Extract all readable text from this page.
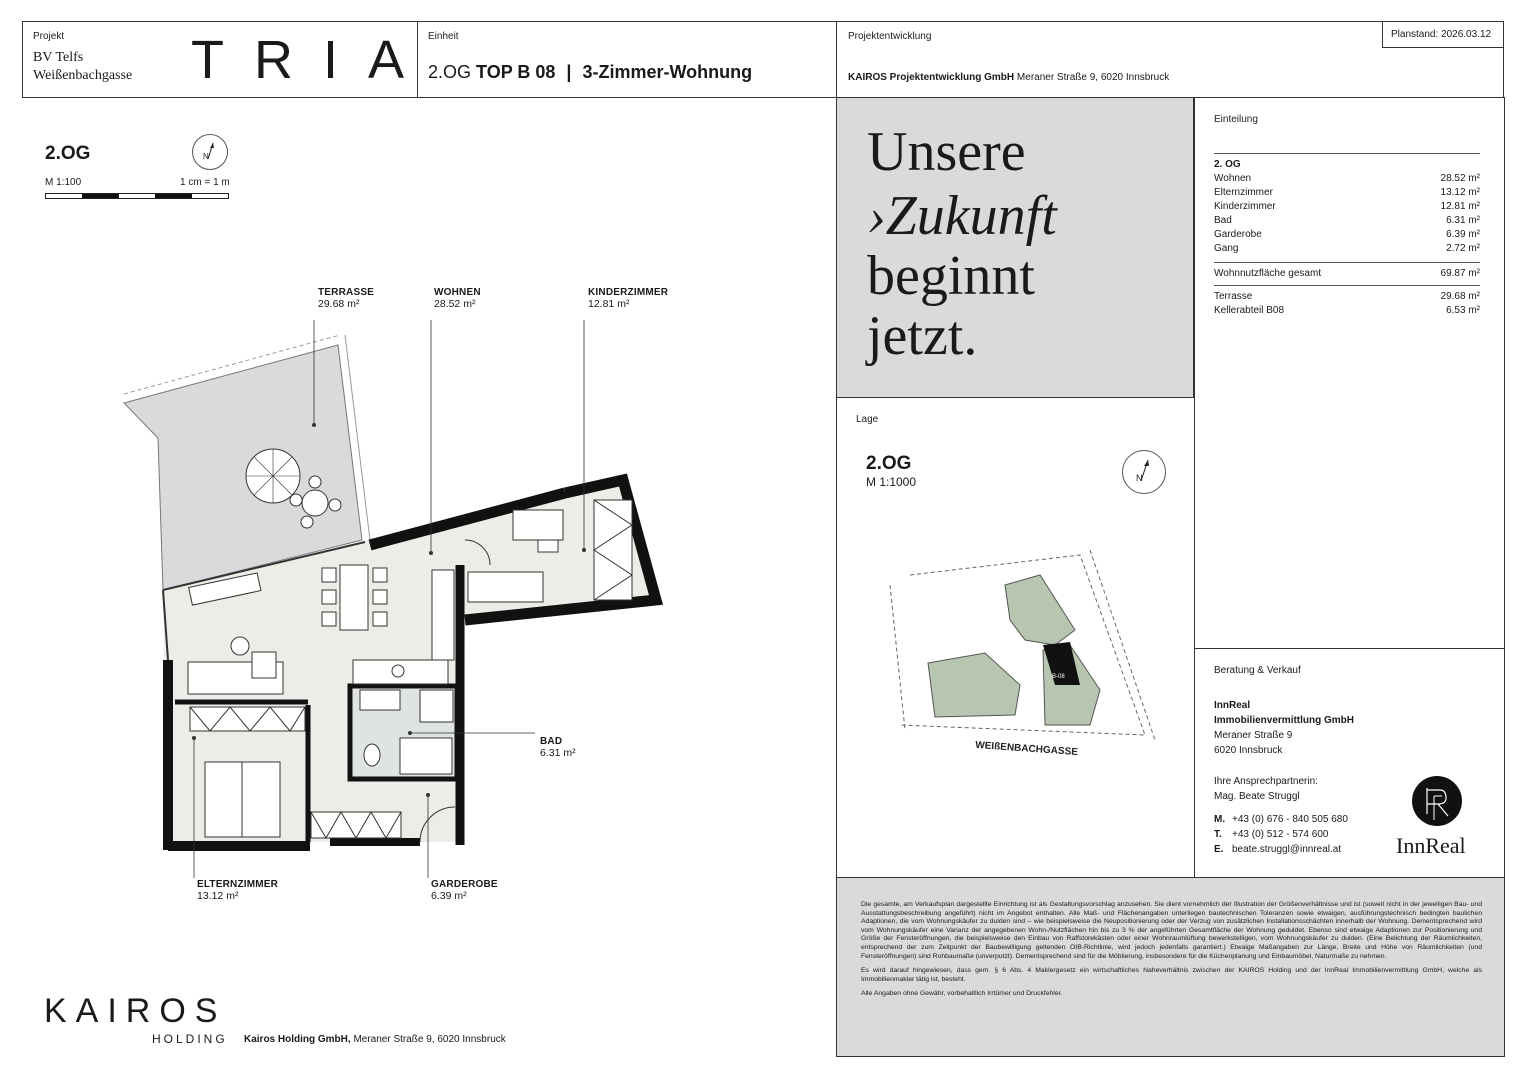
Projekt
BV Telfs
Weißenbachgasse TRIA
Einheit
2.OG TOP B 08 | 3-Zimmer-Wohnung
Projektentwicklung
KAIROS Projektentwicklung GmbH Meraner Straße 9, 6020 Innsbruck
Planstand: 2026.03.12
2.OG	N
M 1:100	1 cm = 1 m
TERRASSE
29.68 m²
WOHNEN
28.52 m²
KINDERZIMMER
12.81 m²
BAD
6.31 m²
ELTERNZIMMER
13.12 m²
GARDEROBE
6.39 m²
KAIROS
HOLDING Kairos Holding GmbH, Meraner Straße 9, 6020 Innsbruck
Unsere
›Zukunft
beginnt
jetzt.
Einteilung
2. OG
Wohnen	28.52 m²
Elternzimmer	13.12 m²
Kinderzimmer	12.81 m²
Bad	6.31 m²
Garderobe	6.39 m²
Gang	2.72 m²
Wohnnutzfläche gesamt	69.87 m²
Terrasse	29.68 m²
Kellerabteil B08	6.53 m²
Lage
2.OG
M 1:1000	N
B-08
WEIßENBACHGASSE
Beratung & Verkauf
InnReal
Immobilienvermittlung GmbH
Meraner Straße 9
6020 Innsbruck
Ihre Ansprechpartnerin:
Mag. Beate Struggl
M. +43 (0) 676 - 840 505 680
T. +43 (0) 512 - 574 600
E. beate.struggl@innreal.at	InnReal

Die gesamte, am Verkaufsplan dargestellte Einrichtung ist als Gestaltungsvorschlag anzusehen. Sie dient vornehmlich der Illustration der Größenverhältnisse und ist (soweit nicht in der jeweiligen Bau- und Ausstattungsbeschreibung angeführt) nicht im Angebot enthalten. Alle Maß- und Flächenangaben unterliegen bautechnischen Toleranzen sowie etwaigen, ausführungstechnisch bedingten baulichen Adaptionen, die vom Wohnungskäufer zu dulden sind – wie beispielsweise die Neupositionierung oder der Verzug von zusätzlichen Installationsschächten innerhalb der Wohnung. Dementsprechend wird vom Wohnungskäufer eine Varianz der angegebenen Wohn-/Nutzflächen hin bis zu 3 % der angeführten Gesamtfläche der Wohnung geduldet. Ebenso sind etwaige Adaptionen zur Positionierung und Größe der Fensteröffnungen, die beispielsweise den Einbau von Raffstorekästen oder einer Wohnraumlüftung bewerkstelligen, vom Wohnungskäufer zu dulden. (Eine Belichtung der Räumlichkeiten, entsprechend der zum Zeitpunkt der Baubewilligung geltenden OIB-Richtlinie, wird jedoch jedenfalls garantiert.) Etwaige Maßangaben zur Länge, Breite und Höhe von Räumlichkeiten (und Fensteröffnungen) sind Rohbaumaße (unverputzt). Dementsprechend sind für die Möblierung, insbesondere für die Küchenplanung und Einbaumöbel, Naturmaße zu nehmen.

Es wird darauf hingewiesen, dass gem. § 6 Abs. 4 Maklergesetz ein wirtschaftliches Naheverhältnis zwischen der KAIROS Holding und der InnReal Immobilienvermittlung GmbH, welche als Immobilienmakler tätig ist, besteht.

Alle Angaben ohne Gewähr, vorbehaltlich Irrtümer und Druckfehler.
